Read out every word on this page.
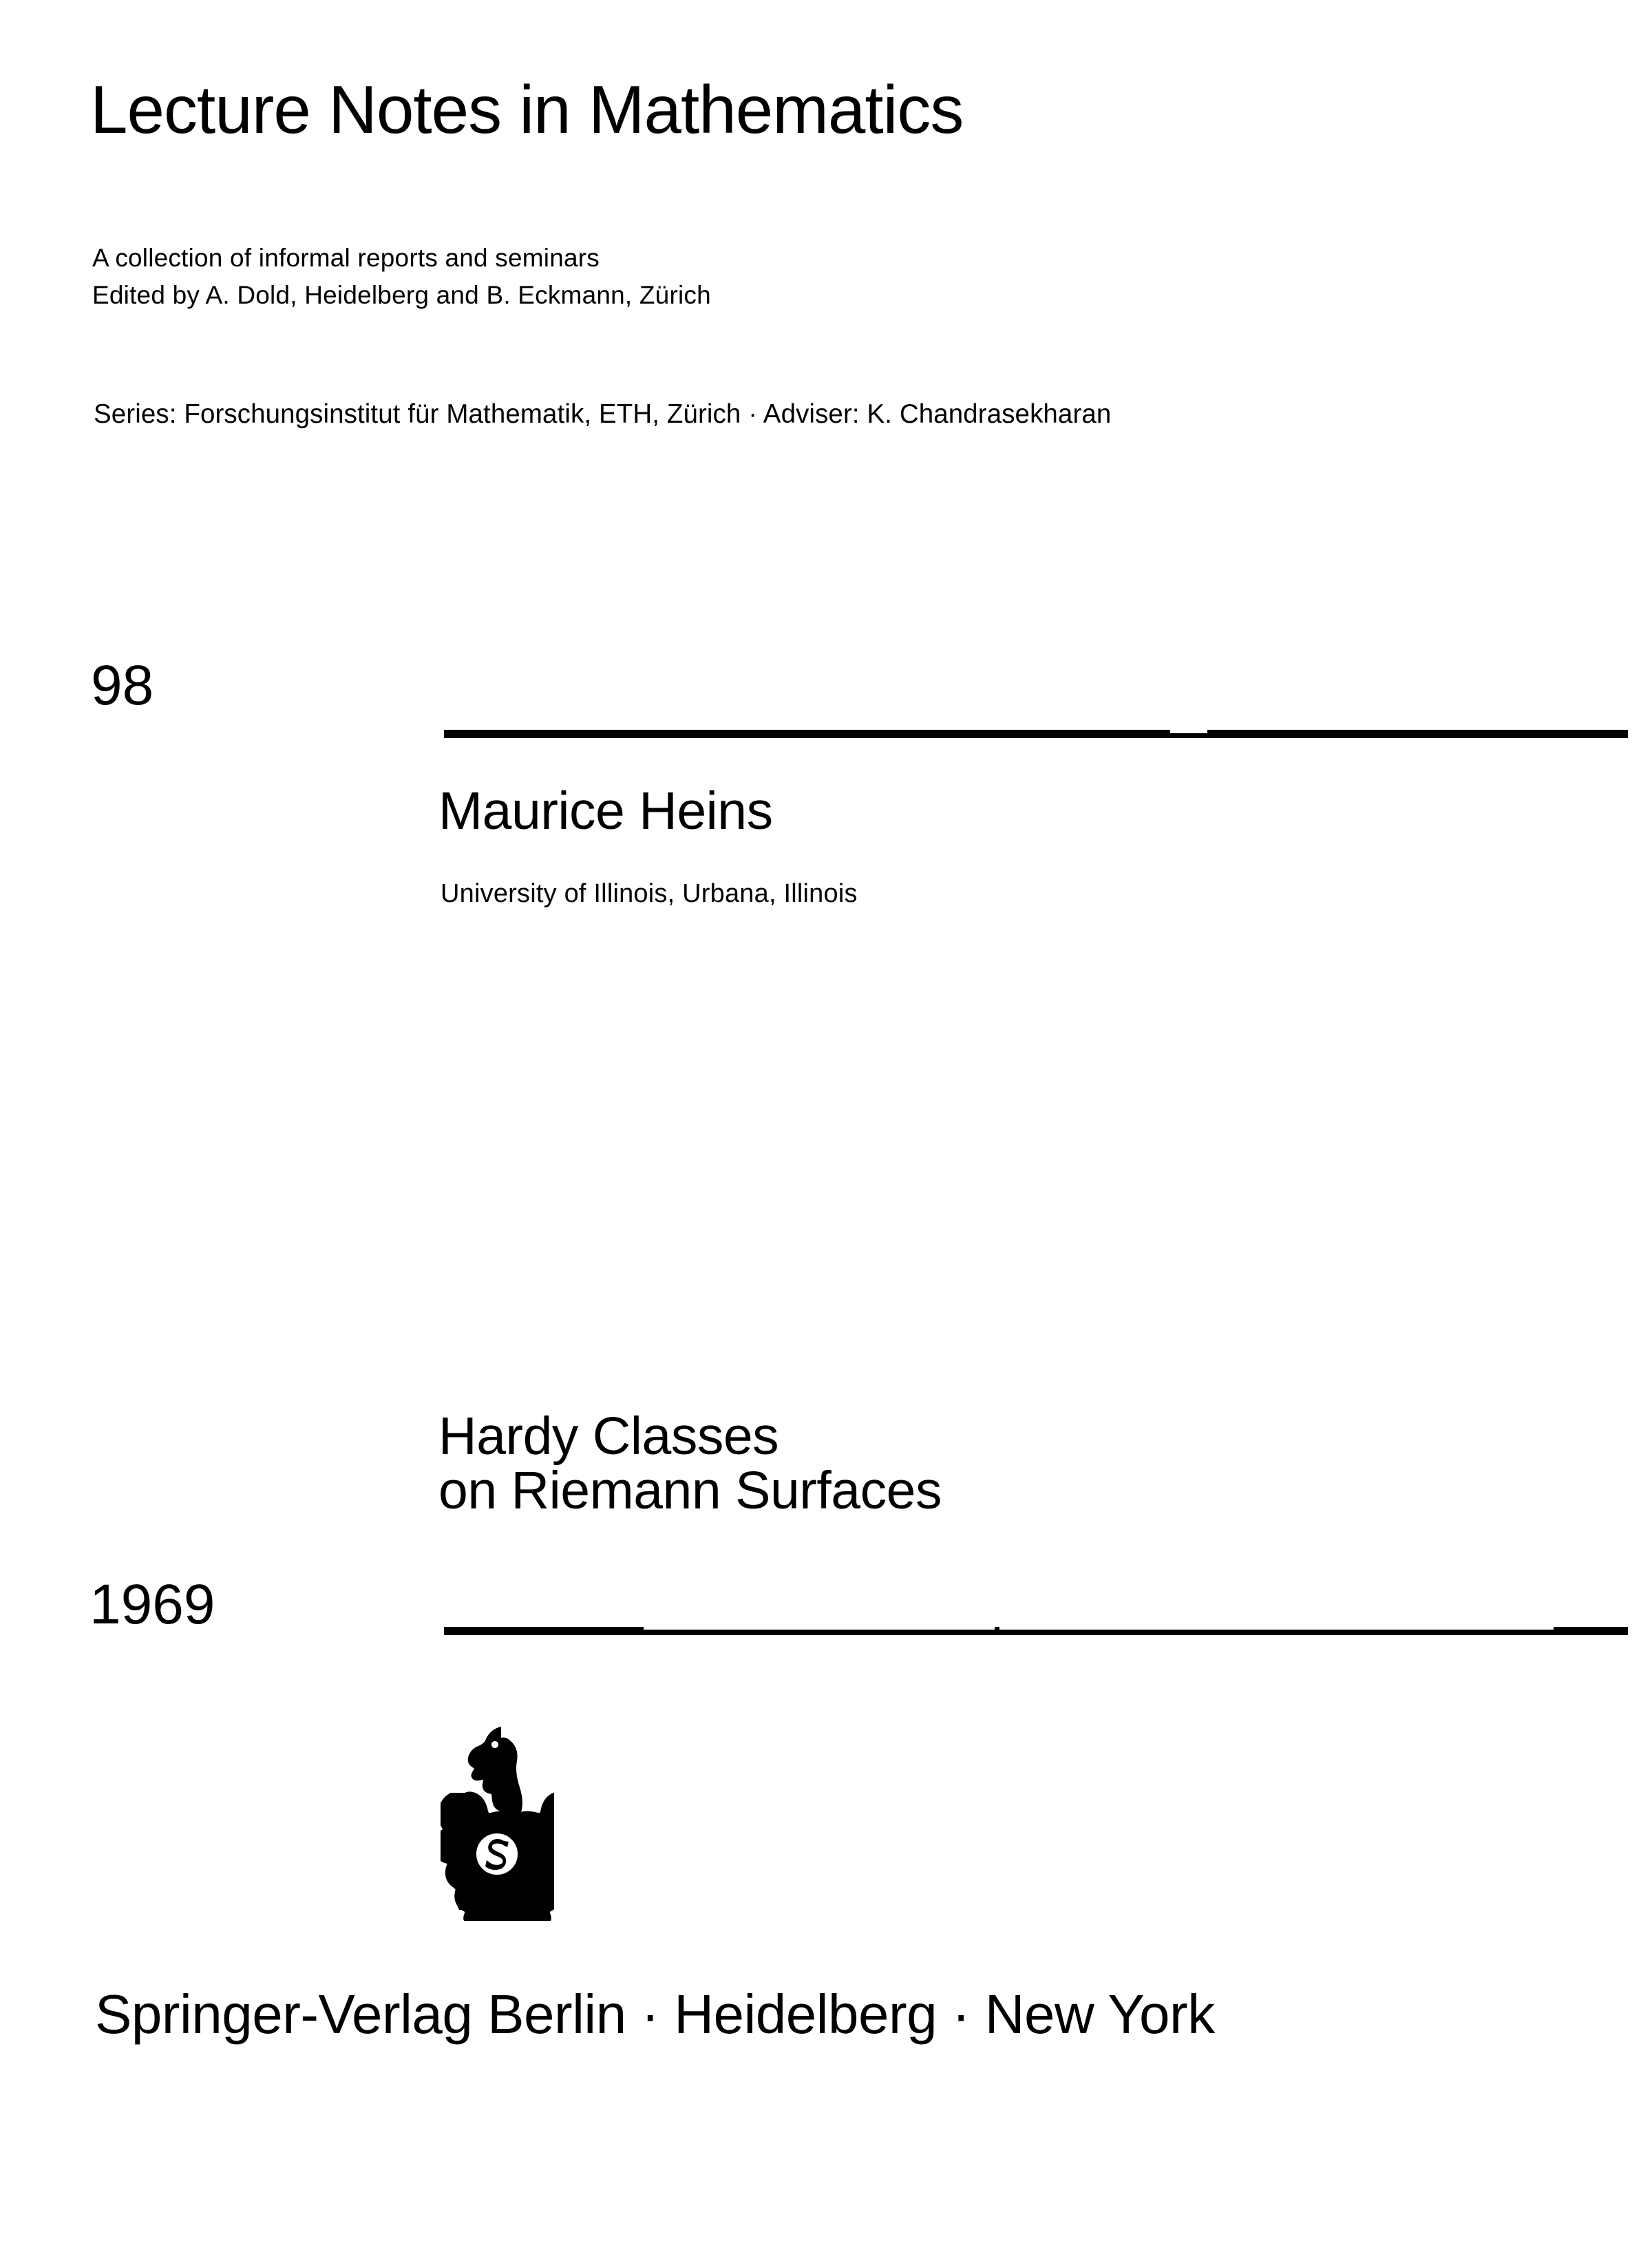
Lecture Notes in Mathematics
A collection of informal reports and seminars
Edited by A. Dold, Heidelberg and B. Eckmann, Zürich
Series: Forschungsinstitut für Mathematik, ETH, Zürich · Adviser: K. Chandrasekharan
98
Maurice Heins
University of Illinois, Urbana, Illinois
Hardy Classes
on Riemann Surfaces
1969
Springer-Verlag Berlin · Heidelberg · New York
